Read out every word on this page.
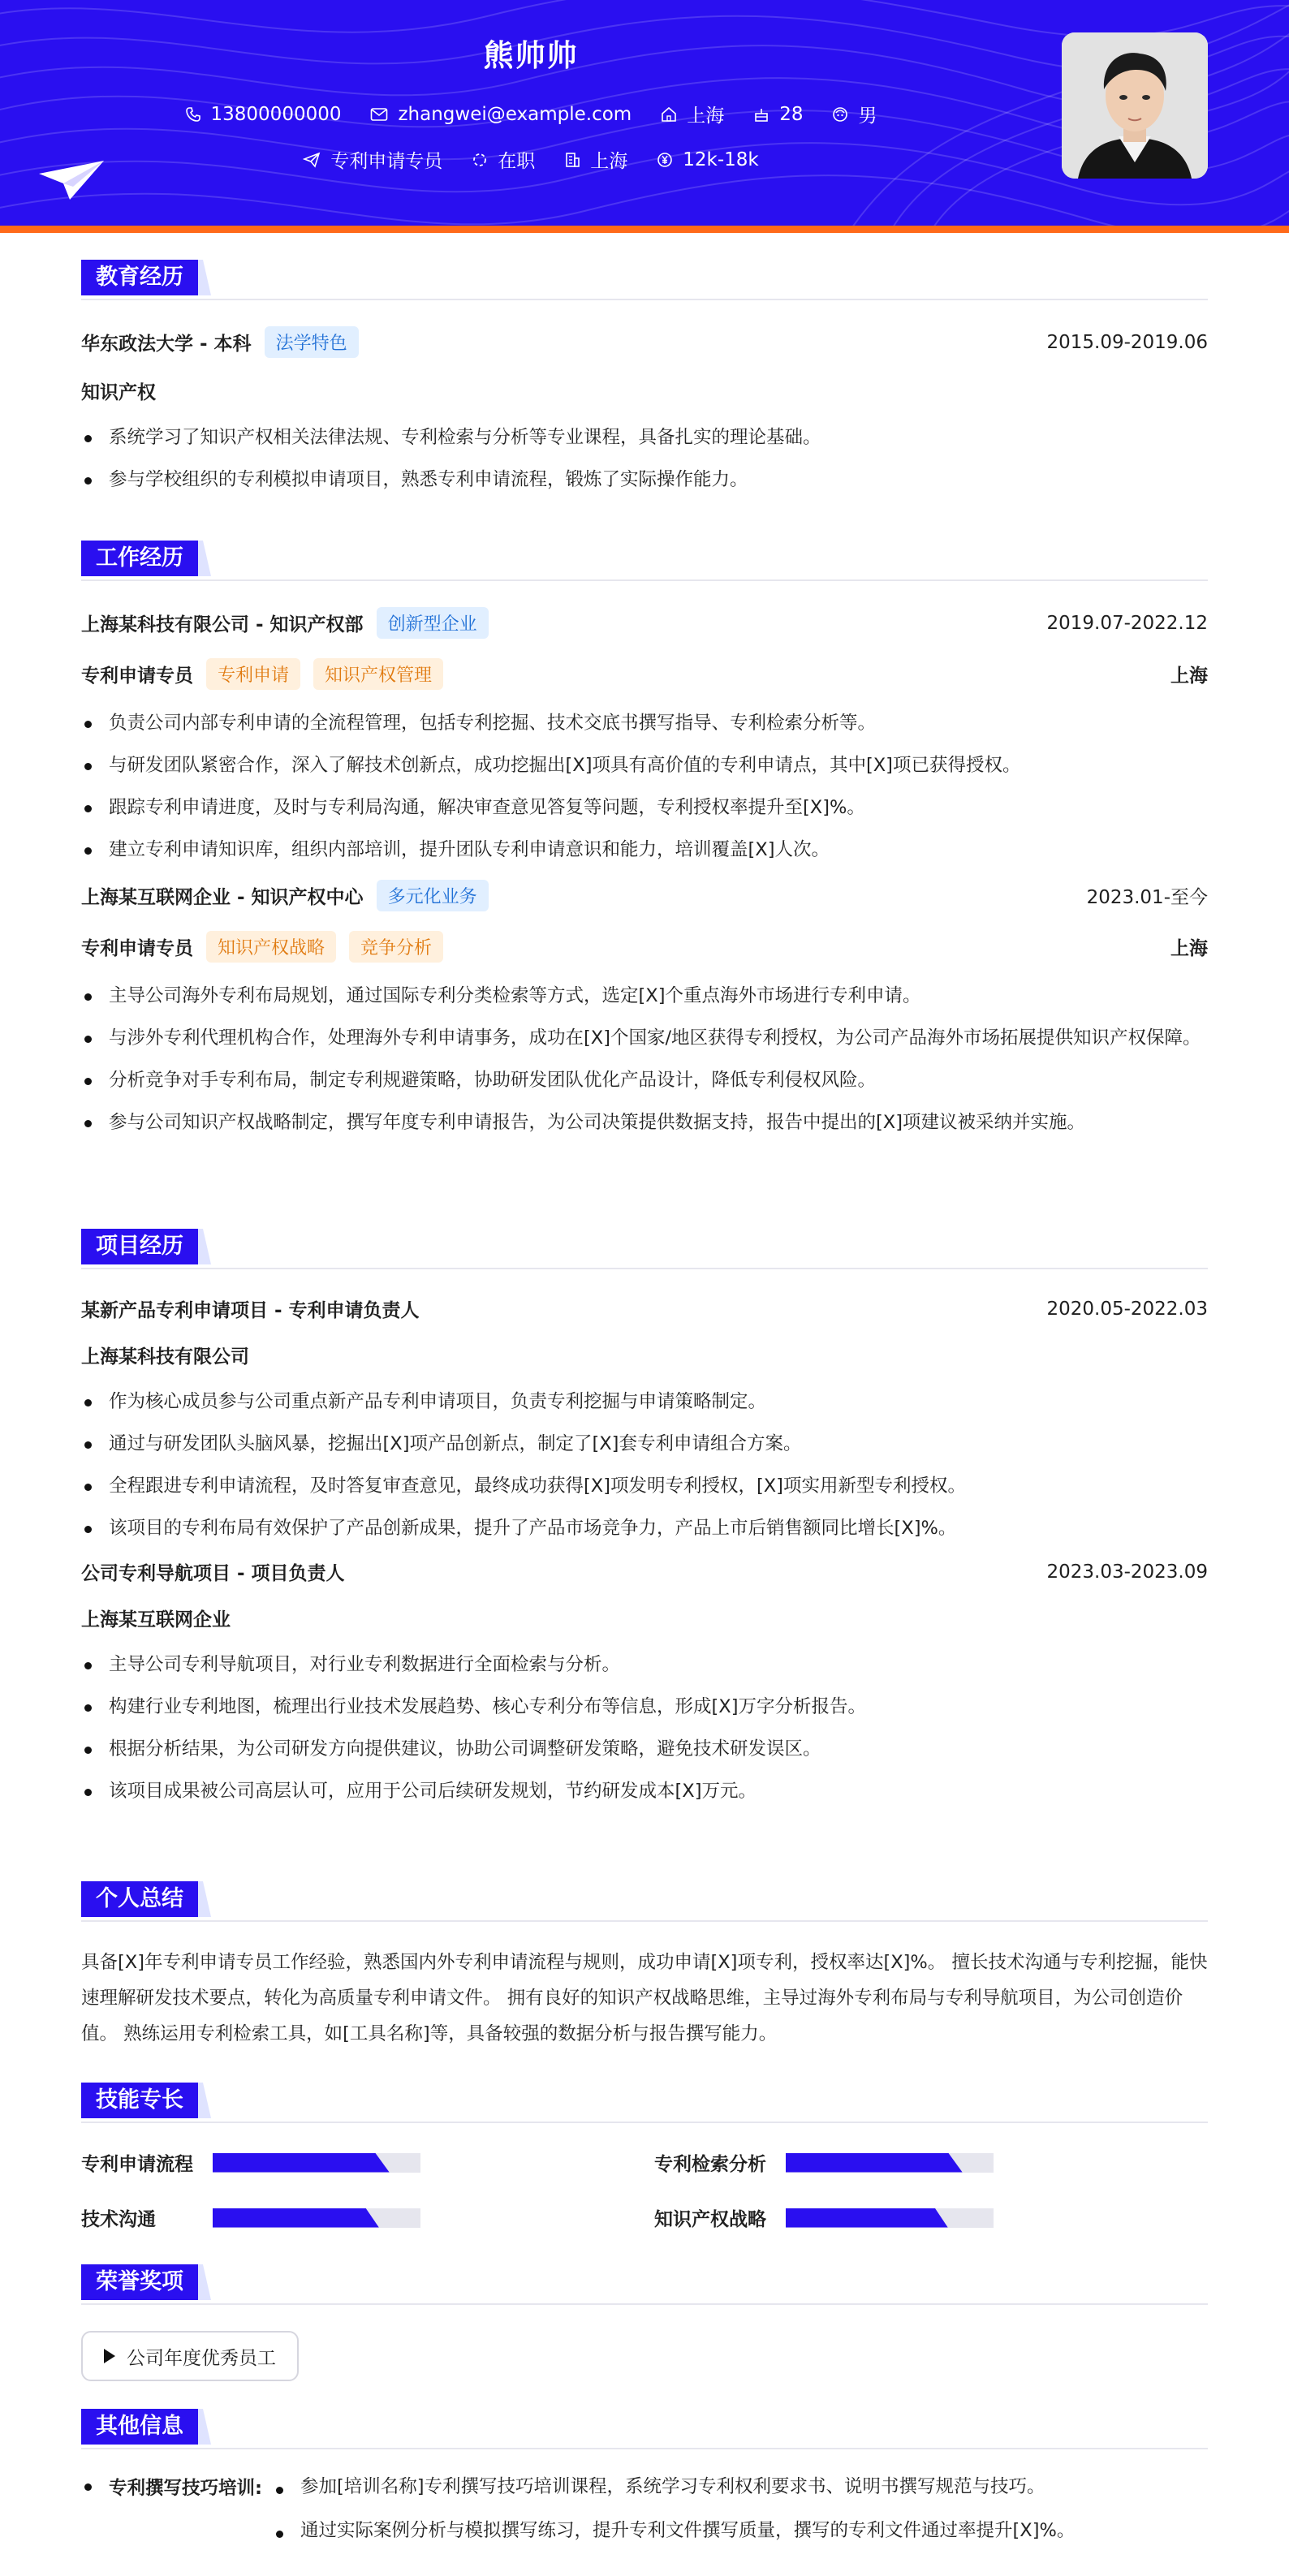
熊帅帅
13800000000	zhangwei@example.com	上海	28	男
专利申请专员	在职	上海	12k-18k
教育经历
华东政法大学 - 本科	法学特色	2015.09-2019.06
知识产权
系统学习了知识产权相关法律法规、专利检索与分析等专业课程，具备扎实的理论基础。
参与学校组织的专利模拟申请项目，熟悉专利申请流程，锻炼了实际操作能力。
工作经历
上海某科技有限公司 - 知识产权部	创新型企业	2019.07-2022.12
专利申请专员	专利申请	知识产权管理	上海
负责公司内部专利申请的全流程管理，包括专利挖掘、技术交底书撰写指导、专利检索分析等。
与研发团队紧密合作，深入了解技术创新点，成功挖掘出[X]项具有高价值的专利申请点，其中[X]项已获得授权。
跟踪专利申请进度，及时与专利局沟通，解决审查意见答复等问题，专利授权率提升至[X]%。
建立专利申请知识库，组织内部培训，提升团队专利申请意识和能力，培训覆盖[X]人次。
上海某互联网企业 - 知识产权中心	多元化业务	2023.01-至今
专利申请专员	知识产权战略	竞争分析	上海
主导公司海外专利布局规划，通过国际专利分类检索等方式，选定[X]个重点海外市场进行专利申请。
与涉外专利代理机构合作，处理海外专利申请事务，成功在[X]个国家/地区获得专利授权，为公司产品海外市场拓展提供知识产权保障。
分析竞争对手专利布局，制定专利规避策略，协助研发团队优化产品设计，降低专利侵权风险。
参与公司知识产权战略制定，撰写年度专利申请报告，为公司决策提供数据支持，报告中提出的[X]项建议被采纳并实施。
项目经历
某新产品专利申请项目 - 专利申请负责人	2020.05-2022.03
上海某科技有限公司
作为核心成员参与公司重点新产品专利申请项目，负责专利挖掘与申请策略制定。
通过与研发团队头脑风暴，挖掘出[X]项产品创新点，制定了[X]套专利申请组合方案。
全程跟进专利申请流程，及时答复审查意见，最终成功获得[X]项发明专利授权，[X]项实用新型专利授权。
该项目的专利布局有效保护了产品创新成果，提升了产品市场竞争力，产品上市后销售额同比增长[X]%。
公司专利导航项目 - 项目负责人	2023.03-2023.09
上海某互联网企业
主导公司专利导航项目，对行业专利数据进行全面检索与分析。
构建行业专利地图，梳理出行业技术发展趋势、核心专利分布等信息，形成[X]万字分析报告。
根据分析结果，为公司研发方向提供建议，协助公司调整研发策略，避免技术研发误区。
该项目成果被公司高层认可，应用于公司后续研发规划，节约研发成本[X]万元。
个人总结
具备[X]年专利申请专员工作经验，熟悉国内外专利申请流程与规则，成功申请[X]项专利，授权率达[X]%。 擅长技术沟通与专利挖掘，能快速理解研发技术要点，转化为高质量专利申请文件。 拥有良好的知识产权战略思维，主导过海外专利布局与专利导航项目，为公司创造价值。 熟练运用专利检索工具，如[工具名称]等，具备较强的数据分析与报告撰写能力。
技能专长
专利申请流程	专利检索分析
技术沟通	知识产权战略
荣誉奖项
公司年度优秀员工
其他信息
专利撰写技巧培训:	参加[培训名称]专利撰写技巧培训课程，系统学习专利权利要求书、说明书撰写规范与技巧。
通过实际案例分析与模拟撰写练习，提升专利文件撰写质量，撰写的专利文件通过率提升[X]%。
